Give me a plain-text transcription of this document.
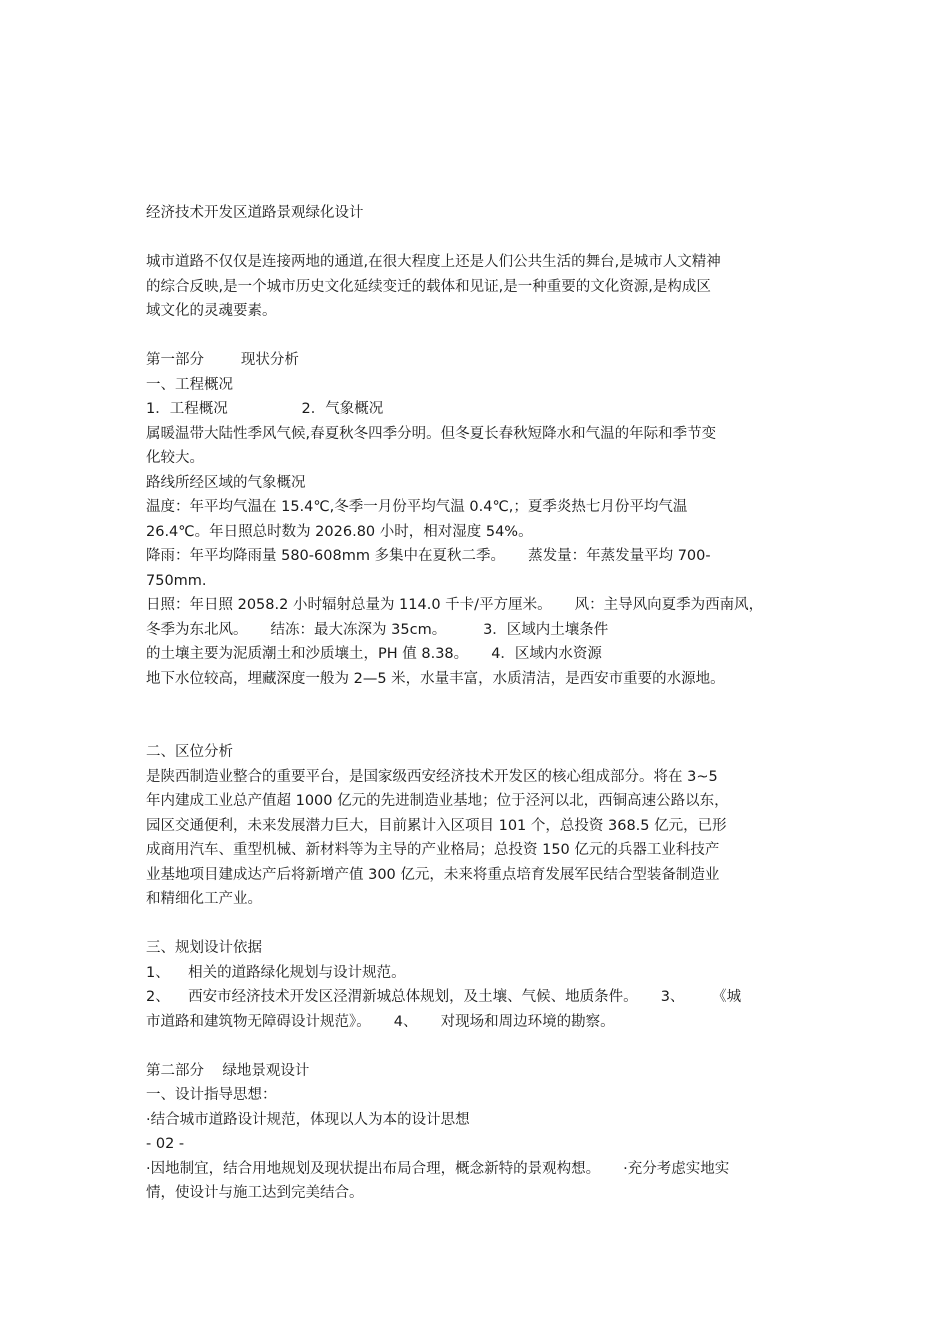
经济技术开发区道路景观绿化设计
城市道路不仅仅是连接两地的通道,在很大程度上还是人们公共生活的舞台,是城市人文精神
的综合反映,是一个城市历史文化延续变迁的载体和见证,是一种重要的文化资源,是构成区
域文化的灵魂要素。
第一部分        现状分析
一、工程概况
1．工程概况                2．气象概况
属暖温带大陆性季风气候,春夏秋冬四季分明。但冬夏长春秋短降水和气温的年际和季节变
化较大。
路线所经区域的气象概况
温度：年平均气温在 15.4℃,冬季一月份平均气温 0.4℃,；夏季炎热七月份平均气温
26.4℃。年日照总时数为 2026.80 小时，相对湿度 54%。
降雨：年平均降雨量 580-608mm 多集中在夏秋二季。     蒸发量：年蒸发量平均 700-
750mm.
日照：年日照 2058.2 小时辐射总量为 114.0 千卡/平方厘米。     风：主导风向夏季为西南风，
冬季为东北风。     结冻：最大冻深为 35cm。        3．区域内土壤条件
的土壤主要为泥质潮土和沙质壤土，PH 值 8.38。     4．区域内水资源
地下水位较高，埋藏深度一般为 2—5 米，水量丰富，水质清洁，是西安市重要的水源地。
二、区位分析
是陕西制造业整合的重要平台，是国家级西安经济技术开发区的核心组成部分。将在 3~5
年内建成工业总产值超 1000 亿元的先进制造业基地；位于泾河以北，西铜高速公路以东，
园区交通便利，未来发展潜力巨大，目前累计入区项目 101 个，总投资 368.5 亿元，已形
成商用汽车、重型机械、新材料等为主导的产业格局；总投资 150 亿元的兵器工业科技产
业基地项目建成达产后将新增产值 300 亿元，未来将重点培育发展军民结合型装备制造业
和精细化工产业。
三、规划设计依据
1、    相关的道路绿化规划与设计规范。
2、    西安市经济技术开发区泾渭新城总体规划，及土壤、气候、地质条件。     3、      《城
市道路和建筑物无障碍设计规范》。     4、     对现场和周边环境的勘察。
第二部分    绿地景观设计
一、设计指导思想：
·结合城市道路设计规范，体现以人为本的设计思想
- 02 -
·因地制宜，结合用地规划及现状提出布局合理，概念新特的景观构想。     ·充分考虑实地实
情，使设计与施工达到完美结合。
